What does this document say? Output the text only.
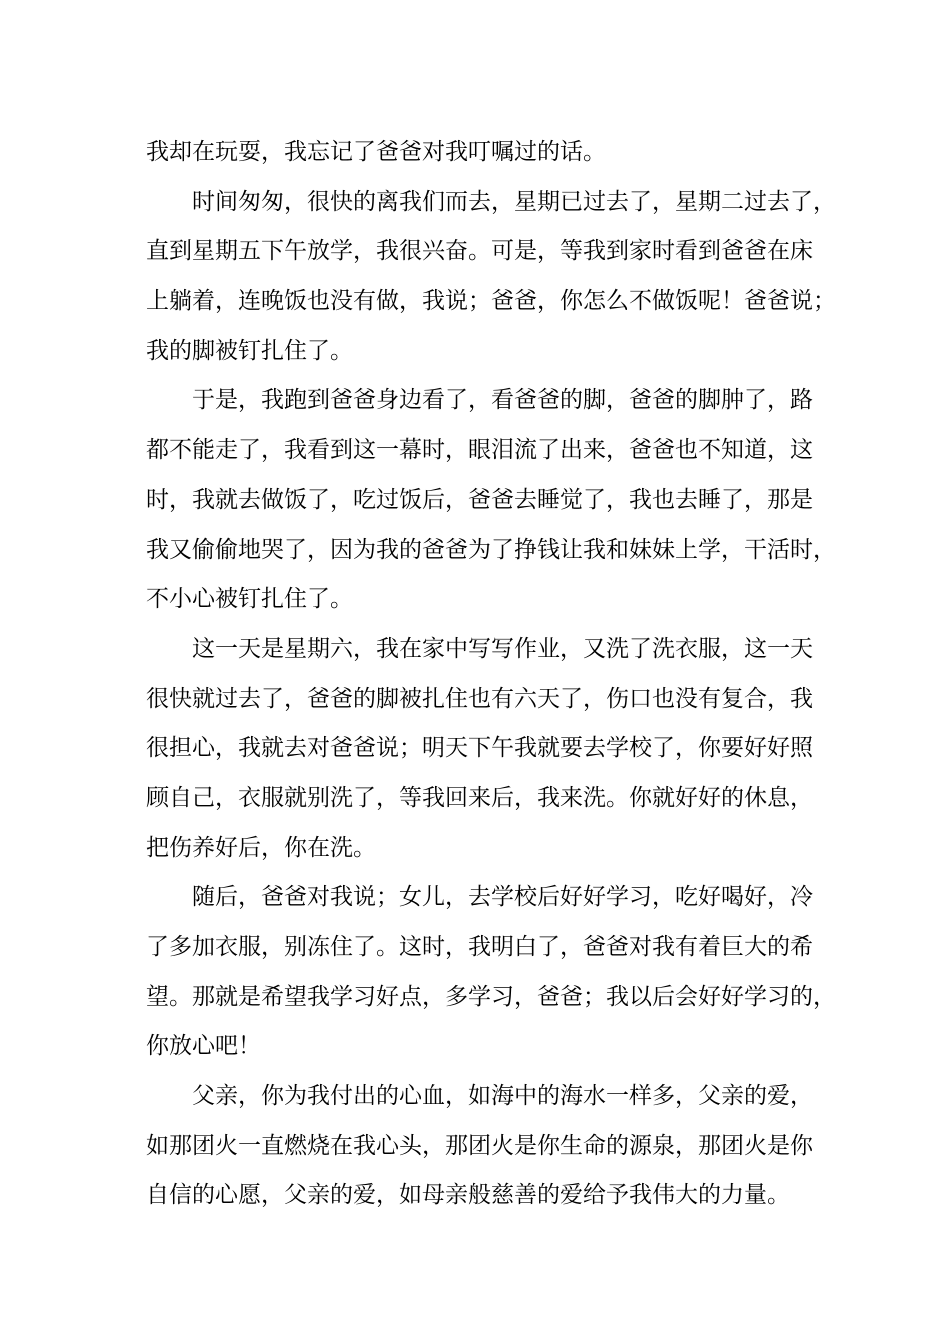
我却在玩耍，我忘记了爸爸对我叮嘱过的话。
　　时间匆匆，很快的离我们而去，星期已过去了，星期二过去了，
直到星期五下午放学，我很兴奋。可是，等我到家时看到爸爸在床
上躺着，连晚饭也没有做，我说；爸爸，你怎么不做饭呢！爸爸说；
我的脚被钉扎住了。
　　于是，我跑到爸爸身边看了，看爸爸的脚，爸爸的脚肿了，路
都不能走了，我看到这一幕时，眼泪流了出来，爸爸也不知道，这
时，我就去做饭了，吃过饭后，爸爸去睡觉了，我也去睡了，那是
我又偷偷地哭了，因为我的爸爸为了挣钱让我和妹妹上学，干活时，
不小心被钉扎住了。
　　这一天是星期六，我在家中写写作业，又洗了洗衣服，这一天
很快就过去了，爸爸的脚被扎住也有六天了，伤口也没有复合，我
很担心，我就去对爸爸说；明天下午我就要去学校了，你要好好照
顾自己，衣服就别洗了，等我回来后，我来洗。你就好好的休息，
把伤养好后，你在洗。
　　随后，爸爸对我说；女儿，去学校后好好学习，吃好喝好，冷
了多加衣服，别冻住了。这时，我明白了，爸爸对我有着巨大的希
望。那就是希望我学习好点，多学习，爸爸；我以后会好好学习的，
你放心吧！
　　父亲，你为我付出的心血，如海中的海水一样多，父亲的爱，
如那团火一直燃烧在我心头，那团火是你生命的源泉，那团火是你
自信的心愿，父亲的爱，如母亲般慈善的爱给予我伟大的力量。
